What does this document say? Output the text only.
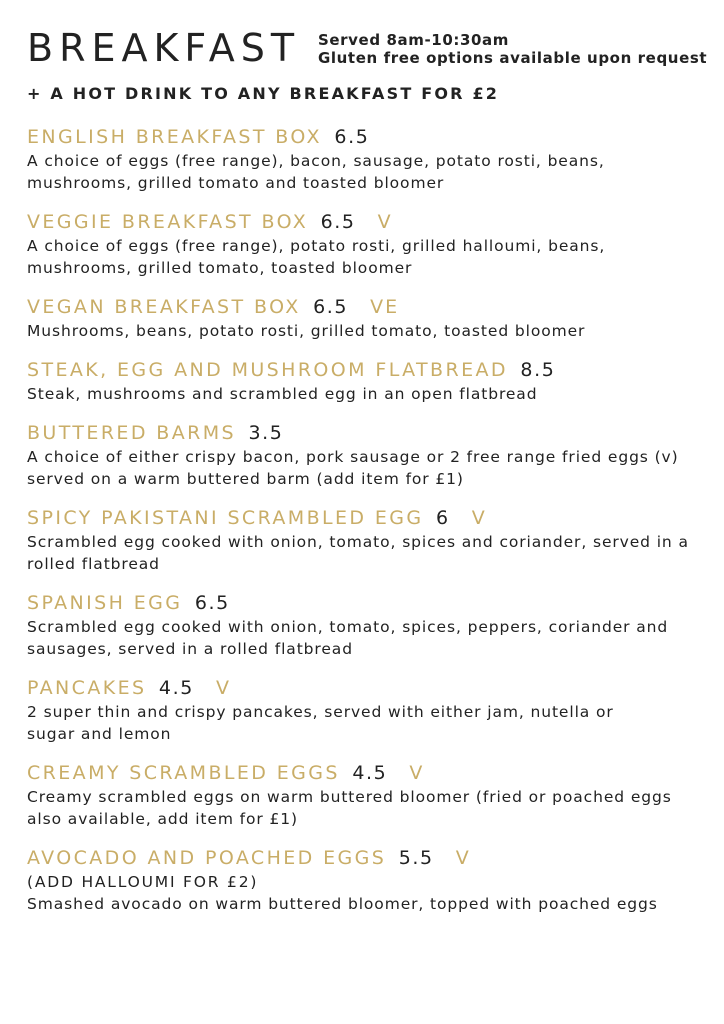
BREAKFAST Served 8am-10:30am
Gluten free options available upon request
+ A HOT DRINK TO ANY BREAKFAST FOR £2
ENGLISH BREAKFAST BOX 6.5

A choice of eggs (free range), bacon, sausage, potato rosti, beans,

mushrooms, grilled tomato and toasted bloomer

VEGGIE BREAKFAST BOX 6.5 V

A choice of eggs (free range), potato rosti, grilled halloumi, beans,

mushrooms, grilled tomato, toasted bloomer

VEGAN BREAKFAST BOX 6.5 VE

Mushrooms, beans, potato rosti, grilled tomato, toasted bloomer

STEAK, EGG AND MUSHROOM FLATBREAD 8.5

Steak, mushrooms and scrambled egg in an open flatbread

BUTTERED BARMS 3.5

A choice of either crispy bacon, pork sausage or 2 free range fried eggs (v)

served on a warm buttered barm (add item for £1)

SPICY PAKISTANI SCRAMBLED EGG 6 V

Scrambled egg cooked with onion, tomato, spices and coriander, served in a

rolled flatbread

SPANISH EGG 6.5

Scrambled egg cooked with onion, tomato, spices, peppers, coriander and

sausages, served in a rolled flatbread

PANCAKES 4.5 V

2 super thin and crispy pancakes, served with either jam, nutella or

sugar and lemon

CREAMY SCRAMBLED EGGS 4.5 V

Creamy scrambled eggs on warm buttered bloomer (fried or poached eggs

also available, add item for £1)

AVOCADO AND POACHED EGGS 5.5 V

(ADD HALLOUMI FOR £2)

Smashed avocado on warm buttered bloomer, topped with poached eggs
